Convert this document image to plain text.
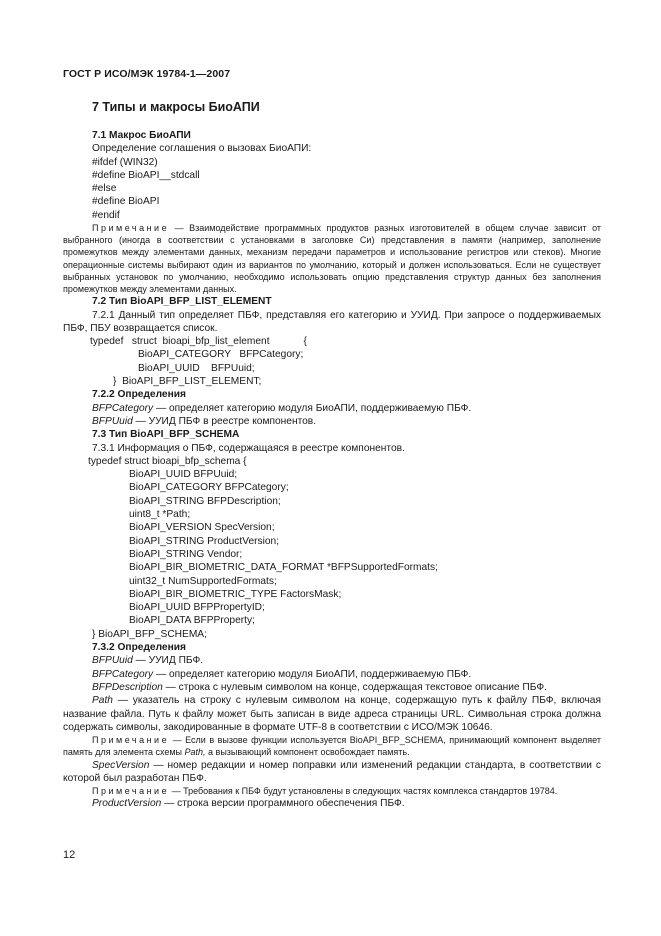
ГОСТ Р ИСО/МЭК 19784-1—2007
7 Типы и макросы БиоАПИ

7.1 Макрос БиоАПИ

Определение соглашения о вызовах БиоАПИ:

#ifdef (WIN32)

#define BioAPI__stdcall

#else

#define BioAPI

#endif

Примечание — Взаимодействие программных продуктов разных изготовителей в общем случае зависит от выбранного (иногда в соответствии с установками в заголовке Си) представления в памяти (например, заполнение промежутков между элементами данных, механизм передачи параметров и использование регистров или стеков). Многие операционные системы выбирают один из вариантов по умолчанию, который и должен использоваться. Если не существует выбранных установок по умолчанию, необходимо использовать опцию представления структур данных без заполнения промежутков между элементами данных.

7.2 Тип BioAPI_BFP_LIST_ELEMENT

7.2.1 Данный тип определяет ПБФ, представляя его категорию и УУИД. При запросе о поддерживаемых ПБФ, ПБУ возвращается список.

typedef   struct  bioapi_bfp_list_element            {

BioAPI_CATEGORY   BFPCategory;

BioAPI_UUID    BFPUuid;

}  BioAPI_BFP_LIST_ELEMENT;

7.2.2 Определения

BFPCategory — определяет категорию модуля БиоАПИ, поддерживаемую ПБФ.

BFPUuid — УУИД ПБФ в реестре компонентов.

7.3 Тип BioAPI_BFP_SCHEMA

7.3.1 Информация о ПБФ, содержащаяся в реестре компонентов.

typedef struct bioapi_bfp_schema {

BioAPI_UUID BFPUuid;

BioAPI_CATEGORY BFPCategory;

BioAPI_STRING BFPDescription;

uint8_t *Path;

BioAPI_VERSION SpecVersion;

BioAPI_STRING ProductVersion;

BioAPI_STRING Vendor;

BioAPI_BIR_BIOMETRIC_DATA_FORMAT *BFPSupportedFormats;

uint32_t NumSupportedFormats;

BioAPI_BIR_BIOMETRIC_TYPE FactorsMask;

BioAPI_UUID BFPPropertyID;

BioAPI_DATA BFPProperty;

} BioAPI_BFP_SCHEMA;

7.3.2 Определения

BFPUuid — УУИД ПБФ.

BFPCategory — определяет категорию модуля БиоАПИ, поддерживаемую ПБФ.

BFPDescription — строка с нулевым символом на конце, содержащая текстовое описание ПБФ.

Path — указатель на строку с нулевым символом на конце, содержащую путь к файлу ПБФ, включая название файла. Путь к файлу может быть записан в виде адреса страницы URL. Символьная строка должна содержать символы, закодированные в формате UTF-8 в соответствии с ИСО/МЭК 10646.

Примечание — Если в вызове функции используется BioAPI_BFP_SCHEMA, принимающий компонент выделяет память для элемента схемы Path, а вызывающий компонент освобождает память.

SpecVersion — номер редакции и номер поправки или изменений редакции стандарта, в соответствии с которой был разработан ПБФ.

Примечание — Требования к ПБФ будут установлены в следующих частях комплекса стандартов 19784.

ProductVersion — строка версии программного обеспечения ПБФ.

12
